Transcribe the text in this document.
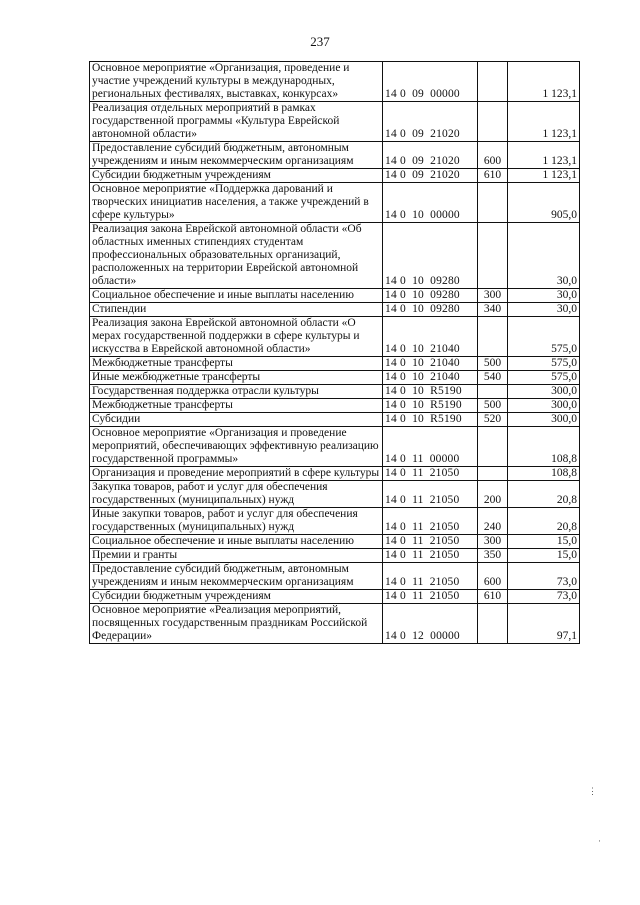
237
Основное мероприятие «Организация, проведение и участие учреждений культуры в международных, региональных фестивалях, выставках, конкурсах»	14 0  09  00000		1 123,1
Реализация отдельных мероприятий в рамках государственной программы «Культура Еврейской автономной области»	14 0  09  21020		1 123,1
Предоставление субсидий бюджетным, автономным учреждениям и иным некоммерческим организациям	14 0  09  21020	600	1 123,1
Субсидии бюджетным учреждениям	14 0  09  21020	610	1 123,1
Основное мероприятие «Поддержка дарований и творческих инициатив населения, а также учреждений в сфере культуры»	14 0  10  00000		905,0
Реализация закона Еврейской автономной области «Об областных именных стипендиях студентам профессиональных образовательных организаций, расположенных на территории Еврейской автономной области»	14 0  10  09280		30,0
Социальное обеспечение и иные выплаты населению	14 0  10  09280	300	30,0
Стипендии	14 0  10  09280	340	30,0
Реализация закона Еврейской автономной области «О мерах государственной поддержки в сфере культуры и искусства в Еврейской автономной области»	14 0  10  21040		575,0
Межбюджетные трансферты	14 0  10  21040	500	575,0
Иные межбюджетные трансферты	14 0  10  21040	540	575,0
Государственная поддержка отрасли культуры	14 0  10  R5190		300,0
Межбюджетные трансферты	14 0  10  R5190	500	300,0
Субсидии	14 0  10  R5190	520	300,0
Основное мероприятие «Организация и проведение мероприятий, обеспечивающих эффективную реализацию государственной программы»	14 0  11  00000		108,8
Организация и проведение мероприятий в сфере культуры	14 0  11  21050		108,8
Закупка товаров, работ и услуг для обеспечения государственных (муниципальных) нужд	14 0  11  21050	200	20,8
Иные закупки товаров, работ и услуг для обеспечения государственных (муниципальных) нужд	14 0  11  21050	240	20,8
Социальное обеспечение и иные выплаты населению	14 0  11  21050	300	15,0
Премии и гранты	14 0  11  21050	350	15,0
Предоставление субсидий бюджетным, автономным учреждениям и иным некоммерческим организациям	14 0  11  21050	600	73,0
Субсидии бюджетным учреждениям	14 0  11  21050	610	73,0
Основное мероприятие «Реализация мероприятий, посвященных государственным праздникам Российской Федерации»	14 0  12  00000		97,1
⋮
·
